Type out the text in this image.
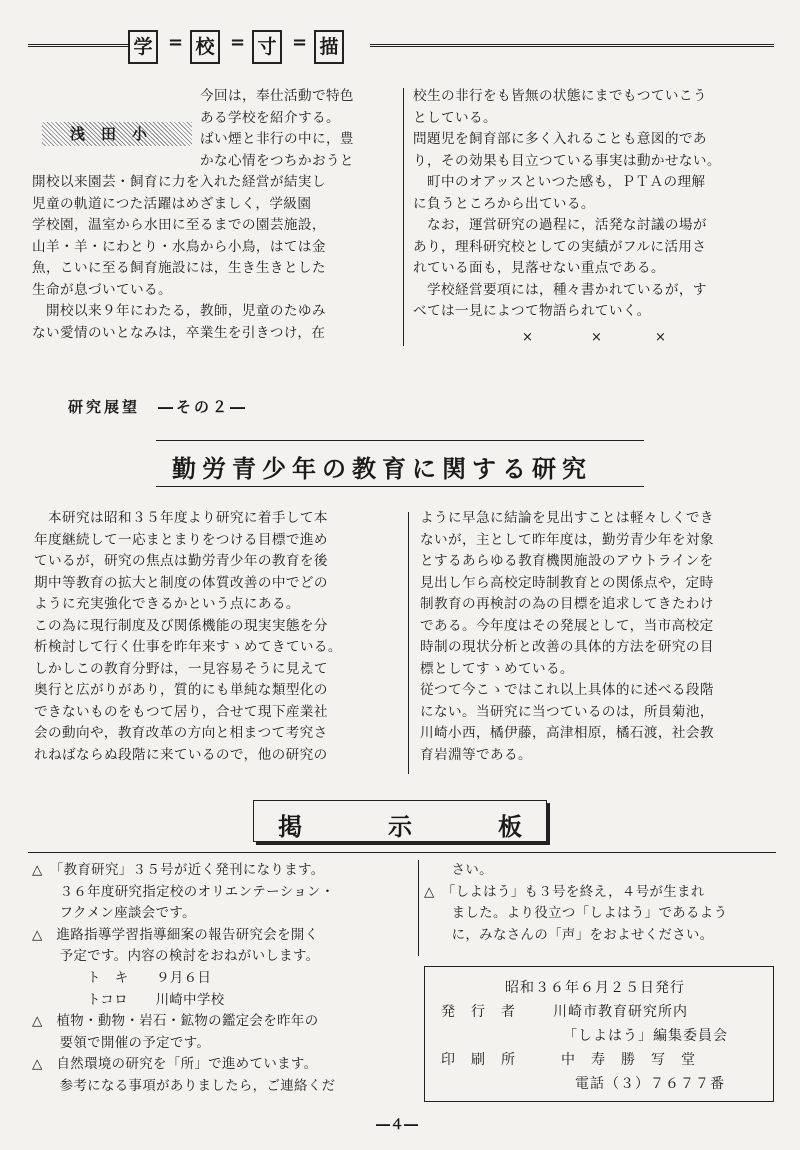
学 = 校 = 寸 = 描
浅田小

今回は，奉仕活動で特色

ある学校を紹介する。

ばい煙と非行の中に，豊

かな心情をつちかおうと

開校以来園芸・飼育に力を入れた経営が結実し

児童の軌道につた活躍はめざましく，学級園

学校園，温室から水田に至るまでの園芸施設，

山羊・羊・にわとり・水鳥から小鳥，はては金

魚，こいに至る飼育施設には，生き生きとした

生命が息づいている。

開校以来９年にわたる，教師，児童のたゆみ

ない愛情のいとなみは，卒業生を引きつけ，在

校生の非行をも皆無の状態にまでもつていこう

としている。

問題児を飼育部に多く入れることも意図的であ

り，その効果も目立つている事実は動かせない。

町中のオアッスといつた感も，ＰＴＡの理解

に負うところから出ている。

なお，運営研究の過程に，活発な討議の場が

あり，理科研究校としての実績がフルに活用さ

れている面も，見落せない重点である。

学校経営要項には，種々書かれているが，す

べては一見によつて物語られていく。

×	×	×
研究展望　―その２―
勤労青少年の教育に関する研究

本研究は昭和３５年度より研究に着手して本

年度継続して一応まとまりをつける目標で進め

ているが，研究の焦点は勤労青少年の教育を後

期中等教育の拡大と制度の体質改善の中でどの

ように充実強化できるかという点にある。

この為に現行制度及び関係機能の現実実態を分

析検討して行く仕事を昨年来すゝめてきている。

しかしこの教育分野は，一見容易そうに見えて

奥行と広がりがあり，質的にも単純な類型化の

できないものをもつて居り，合せて現下産業社

会の動向や，教育改革の方向と相まつて考究さ

れねばならぬ段階に来ているので，他の研究の

ように早急に結論を見出すことは軽々しくでき

ないが，主として昨年度は，勤労青少年を対象

とするあらゆる教育機関施設のアウトラインを

見出し乍ら高校定時制教育との関係点や，定時

制教育の再検討の為の目標を追求してきたわけ

である。今年度はその発展として，当市高校定

時制の現状分析と改善の具体的方法を研究の目

標としてすゝめている。

従つて今こゝではこれ以上具体的に述べる段階

にない。当研究に当つているのは，所員菊池，

川崎小西，橘伊藤，高津相原，橘石渡，社会教

育岩淵等である。

掲	示	板

△　「教育研究」３５号が近く発刊になります。

　　３６年度研究指定校のオリエンテーション・

　　フクメン座談会です。

△　進路指導学習指導細案の報告研究会を開く

　　予定です。内容の検討をおねがいします。

　　　　ト　キ　　９月６日

　　　　トコロ　　川崎中学校

△　植物・動物・岩石・鉱物の鑑定会を昨年の

　　要領で開催の予定です。

△　自然環境の研究を「所」で進めています。

　　参考になる事項がありましたら，ご連絡くだ

　　さい。

△　「しよはう」も３号を終え，４号が生まれ

　　ました。より役立つ「しよはう」であるよう

　　に，みなさんの「声」をおよせください。

昭和３６年６月２５日発行
発　行　者	川崎市教育研究所内
「しよはう」編集委員会
印　刷　所	中　寿　勝　写　堂
電話（３）７６７７番
―４―
